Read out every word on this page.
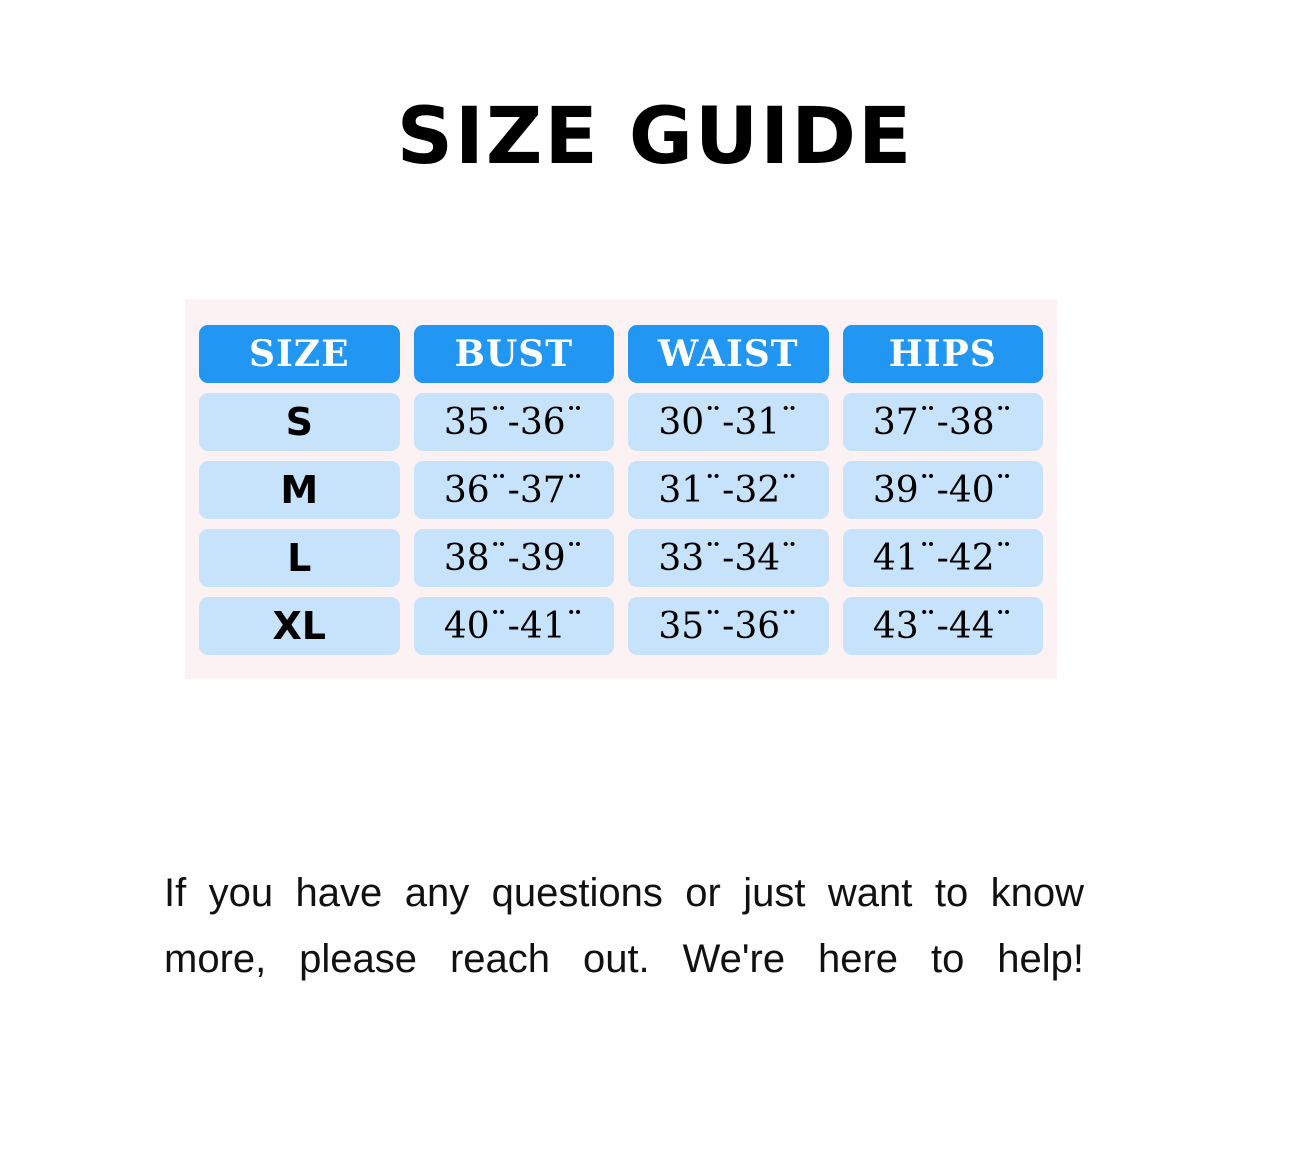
SIZE GUIDE
SIZE	BUST	WAIST	HIPS
S	35¨-36¨	30¨-31¨	37¨-38¨
M	36¨-37¨	31¨-32¨	39¨-40¨
L	38¨-39¨	33¨-34¨	41¨-42¨
XL	40¨-41¨	35¨-36¨	43¨-44¨

If you have any questions or just want to know more, please reach out. We're here to help!
